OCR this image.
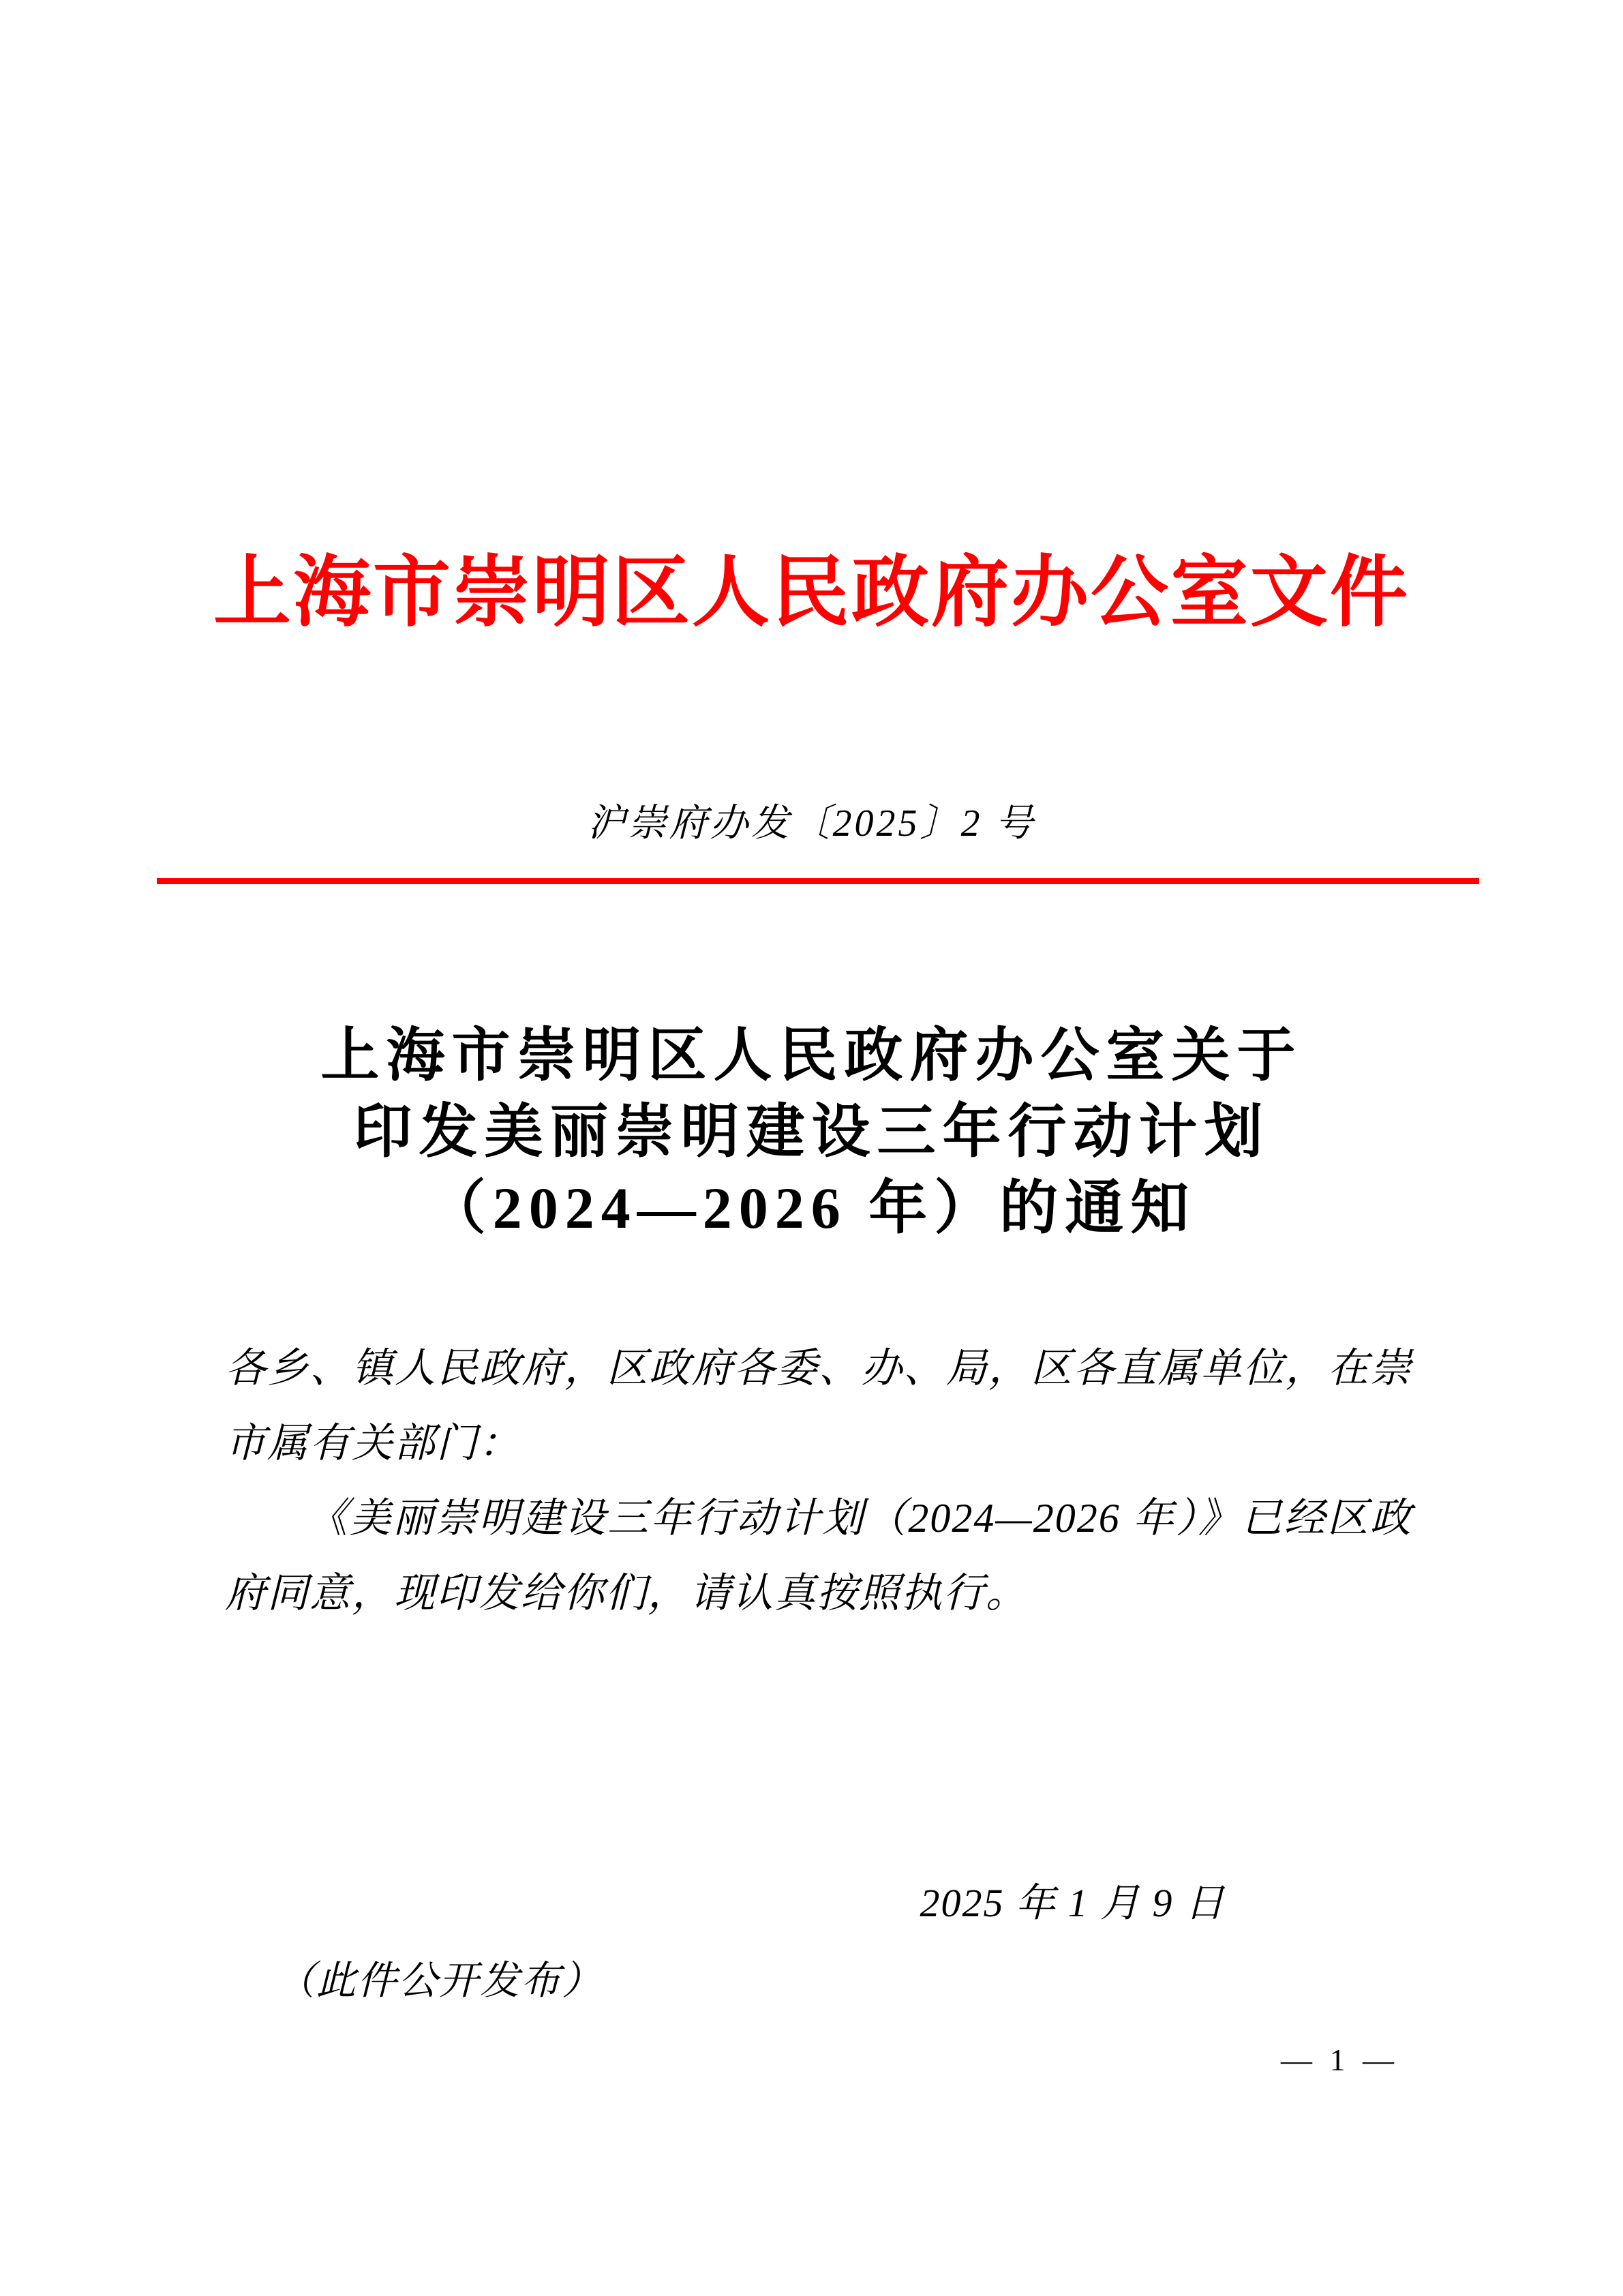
上海市崇明区人民政府办公室文件
沪崇府办发〔2025〕2 号
上海市崇明区人民政府办公室关于
印发美丽崇明建设三年行动计划
（2024—2026 年）的通知

各乡、镇人民政府，区政府各委、办、局，区各直属单位，在崇市属有关部门：

《美丽崇明建设三年行动计划（2024—2026 年）》已经区政府同意，现印发给你们，请认真按照执行。

2025 年 1 月 9 日
（此件公开发布）
— 1 —
